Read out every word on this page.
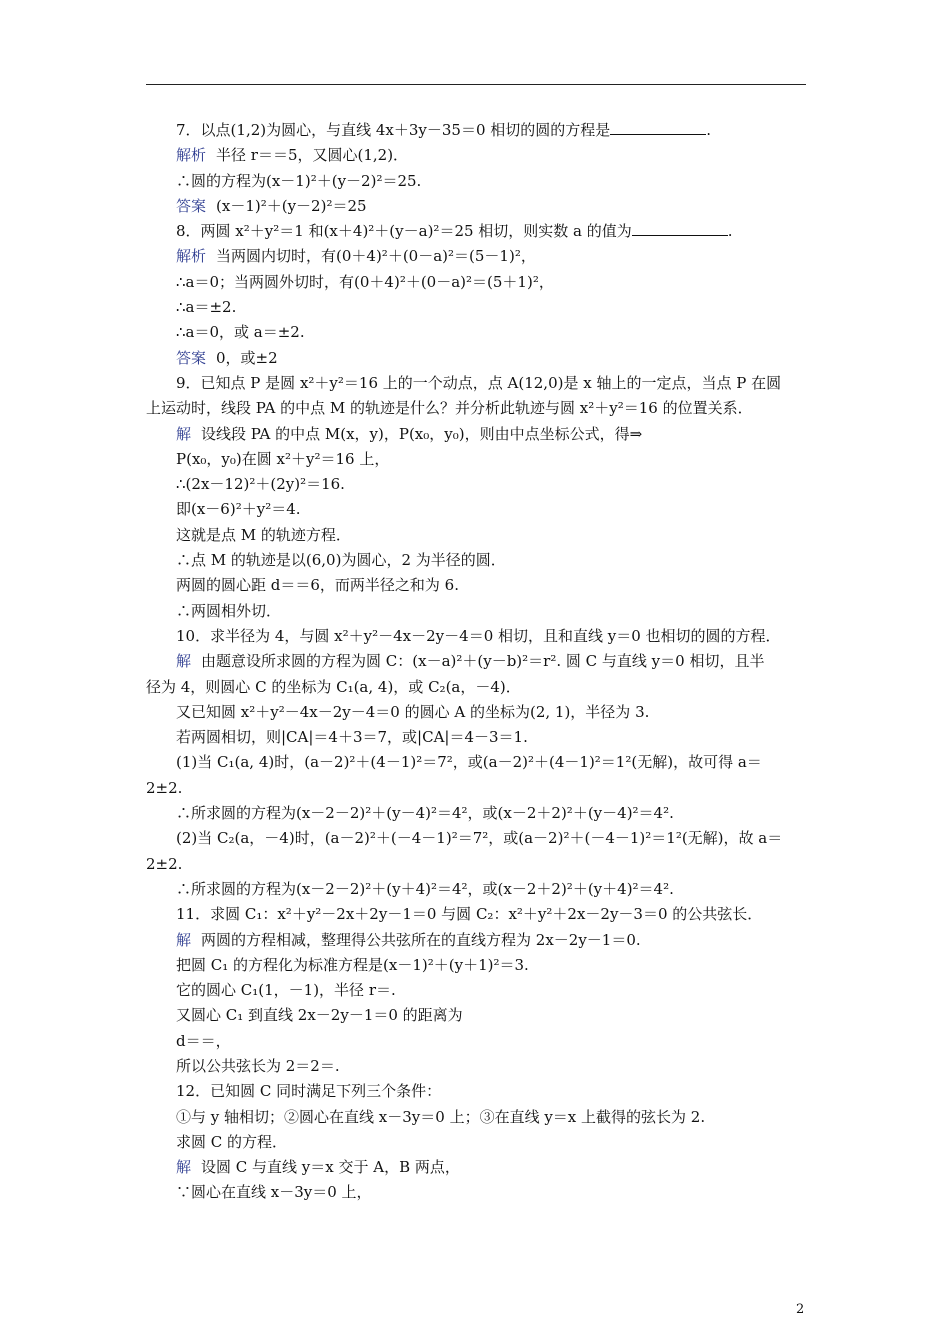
7．以点(1,2)为圆心，与直线 4x＋3y－35＝0 相切的圆的方程是	.
解析 半径 r＝＝5，又圆心(1,2)．
∴圆的方程为(x－1)²＋(y－2)²＝25.
答案 (x－1)²＋(y－2)²＝25
8．两圆 x²＋y²＝1 和(x＋4)²＋(y－a)²＝25 相切，则实数 a 的值为	.
解析 当两圆内切时，有(0＋4)²＋(0－a)²＝(5－1)²，
∴a＝0；当两圆外切时，有(0＋4)²＋(0－a)²＝(5＋1)²，
∴a＝±2.
∴a＝0，或 a＝±2.
答案 0，或±2
9．已知点 P 是圆 x²＋y²＝16 上的一个动点，点 A(12,0)是 x 轴上的一定点，当点 P 在圆
上运动时，线段 PA 的中点 M 的轨迹是什么？并分析此轨迹与圆 x²＋y²＝16 的位置关系．
解 设线段 PA 的中点 M(x，y)，P(x₀，y₀)，则由中点坐标公式，得⇒
P(x₀，y₀)在圆 x²＋y²＝16 上，
∴(2x－12)²＋(2y)²＝16.
即(x－6)²＋y²＝4.
这就是点 M 的轨迹方程．
∴点 M 的轨迹是以(6,0)为圆心，2 为半径的圆．
两圆的圆心距 d＝＝6，而两半径之和为 6.
∴两圆相外切．
10．求半径为 4，与圆 x²＋y²－4x－2y－4＝0 相切，且和直线 y＝0 也相切的圆的方程．
解 由题意设所求圆的方程为圆 C：(x－a)²＋(y－b)²＝r². 圆 C 与直线 y＝0 相切，且半
径为 4，则圆心 C 的坐标为 C₁(a, 4)，或 C₂(a，－4)．
又已知圆 x²＋y²－4x－2y－4＝0 的圆心 A 的坐标为(2, 1)，半径为 3.
若两圆相切，则|CA|＝4＋3＝7，或|CA|＝4－3＝1.
(1)当 C₁(a, 4)时，(a－2)²＋(4－1)²＝7²，或(a－2)²＋(4－1)²＝1²(无解)，故可得 a＝
2±2.
∴所求圆的方程为(x－2－2)²＋(y－4)²＝4²，或(x－2＋2)²＋(y－4)²＝4².
(2)当 C₂(a，－4)时，(a－2)²＋(－4－1)²＝7²，或(a－2)²＋(－4－1)²＝1²(无解)，故 a＝
2±2.
∴所求圆的方程为(x－2－2)²＋(y＋4)²＝4²，或(x－2＋2)²＋(y＋4)²＝4².
11．求圆 C₁：x²＋y²－2x＋2y－1＝0 与圆 C₂：x²＋y²＋2x－2y－3＝0 的公共弦长．
解 两圆的方程相减，整理得公共弦所在的直线方程为 2x－2y－1＝0.
把圆 C₁ 的方程化为标准方程是(x－1)²＋(y＋1)²＝3.
它的圆心 C₁(1，－1)，半径 r＝.
又圆心 C₁ 到直线 2x－2y－1＝0 的距离为
d＝＝，
所以公共弦长为 2＝2＝.
12．已知圆 C 同时满足下列三个条件：
①与 y 轴相切；②圆心在直线 x－3y＝0 上；③在直线 y＝x 上截得的弦长为 2.
求圆 C 的方程．
解 设圆 C 与直线 y＝x 交于 A，B 两点，
∵圆心在直线 x－3y＝0 上，
2
